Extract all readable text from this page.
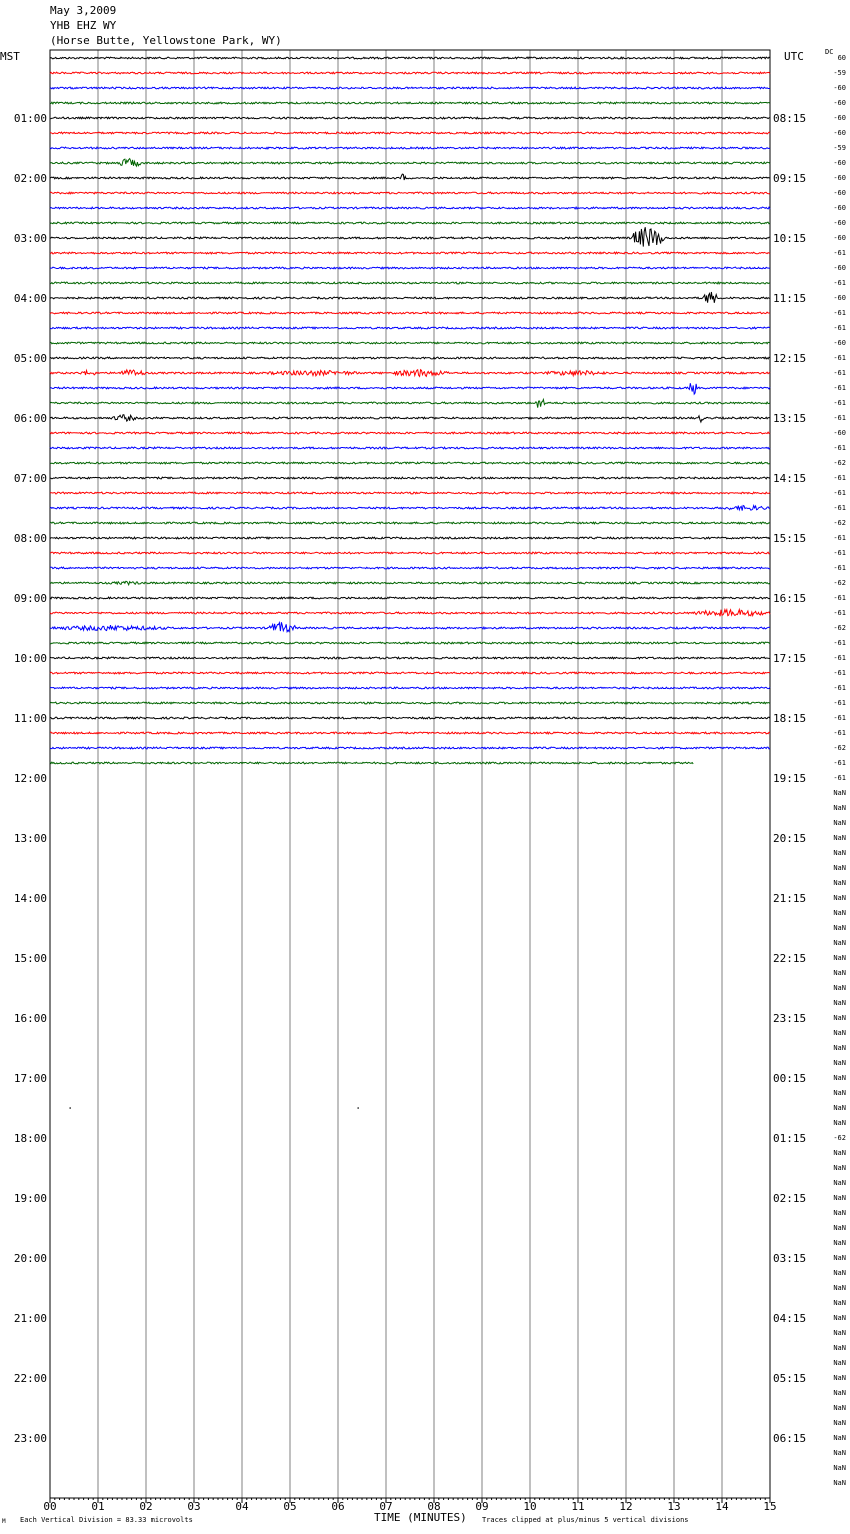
May 3,2009
YHB EHZ WY
(Horse Butte, Yellowstone Park, WY)
MST	UTC	DC
01:00	08:15
02:00	09:15
03:00	10:15
04:00	11:15
05:00	12:15
06:00	13:15
07:00	14:15
08:00	15:15
09:00	16:15
10:00	17:15
11:00	18:15
12:00	19:15
13:00	20:15
14:00	21:15
15:00	22:15
16:00	23:15
17:00	00:15
18:00	01:15
19:00	02:15
20:00	03:15
21:00	04:15
22:00	05:15
23:00	06:15
60
-59
-60
-60
-60
-60
-59
-60
-60
-60
-60
-60
-60
-61
-60
-61
-60
-61
-61
-60
-61
-61
-61
-61
-61
-60
-61
-62
-61
-61
-61
-62
-61
-61
-61
-62
-61
-61
-62
-61
-61
-61
-61
-61
-61
-61
-62
-61
-61
NaN
NaN
NaN
NaN
NaN
NaN
NaN
NaN
NaN
NaN
NaN
NaN
NaN
NaN
NaN
NaN
NaN
NaN
NaN
NaN
NaN
NaN
NaN
-62
NaN
NaN
NaN
NaN
NaN
NaN
NaN
NaN
NaN
NaN
NaN
NaN
NaN
NaN
NaN
NaN
NaN
NaN
NaN
NaN
NaN
NaN
NaN
00	01	02	03	04	05	06	07	08	09	10	11	12	13	14	15
TIME (MINUTES)
Each Vertical Division = 83.33 microvolts	Traces clipped at plus/minus 5 vertical divisions
M
